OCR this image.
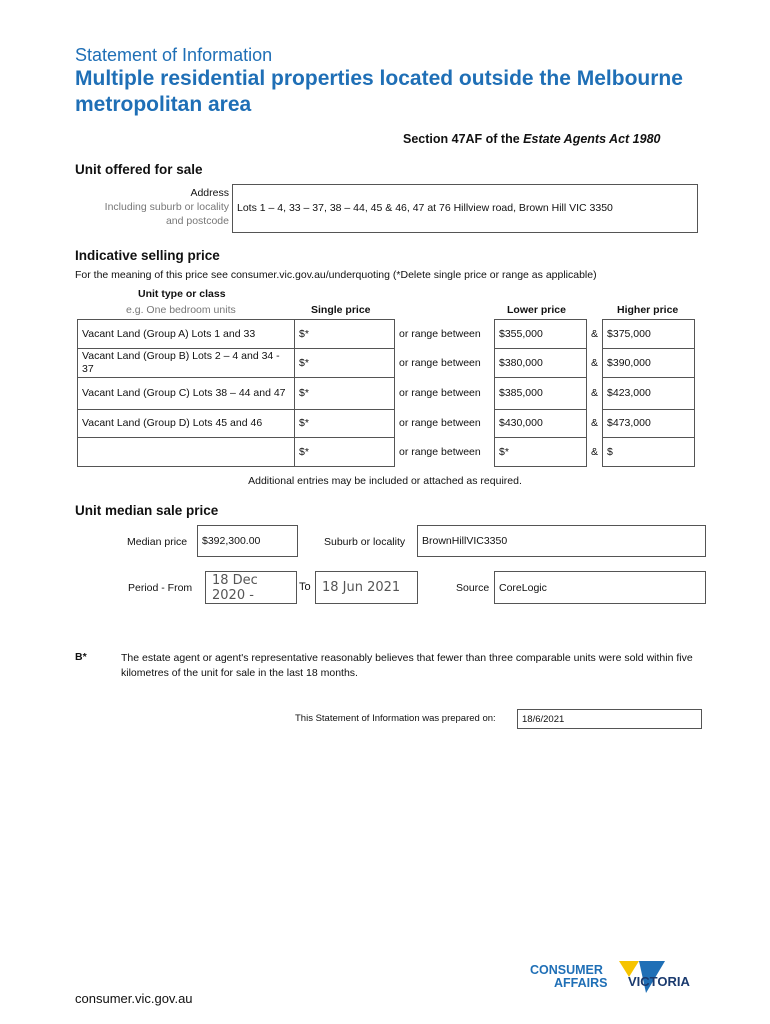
Statement of Information
Multiple residential properties located outside the Melbourne metropolitan area
Section 47AF of the Estate Agents Act 1980
Unit offered for sale
Address
Including suburb or locality
and postcode
Lots 1 – 4, 33 – 37, 38 – 44, 45 & 46, 47 at 76 Hillview road, Brown Hill VIC 3350
Indicative selling price
For the meaning of this price see consumer.vic.gov.au/underquoting (*Delete single price or range as applicable)
Unit type or class
e.g. One bedroom units	Single price	Lower price	Higher price
Vacant Land (Group A) Lots 1 and 33	$*	or range between	$355,000	&	$375,000
Vacant Land (Group B) Lots 2 – 4 and 34 - 37	$*	or range between	$380,000	&	$390,000
Vacant Land (Group C) Lots 38 – 44 and 47	$*	or range between	$385,000	&	$423,000
Vacant Land (Group D) Lots 45 and 46	$*	or range between	$430,000	&	$473,000
	$*	or range between	$*	&	$
Additional entries may be included or attached as required.
Unit median sale price
Median price	$392,300.00	Suburb or locality	BrownHillVIC3350
Period - From
18 Dec 2020 -
To 18 Jun 2021	Source CoreLogic
B*	The estate agent or agent's representative reasonably believes that fewer than three comparable units were sold within five kilometres of the unit for sale in the last 18 months.
This Statement of Information was prepared on:	18/6/2021
CONSUMER
AFFAIRS VICTORIA
consumer.vic.gov.au
